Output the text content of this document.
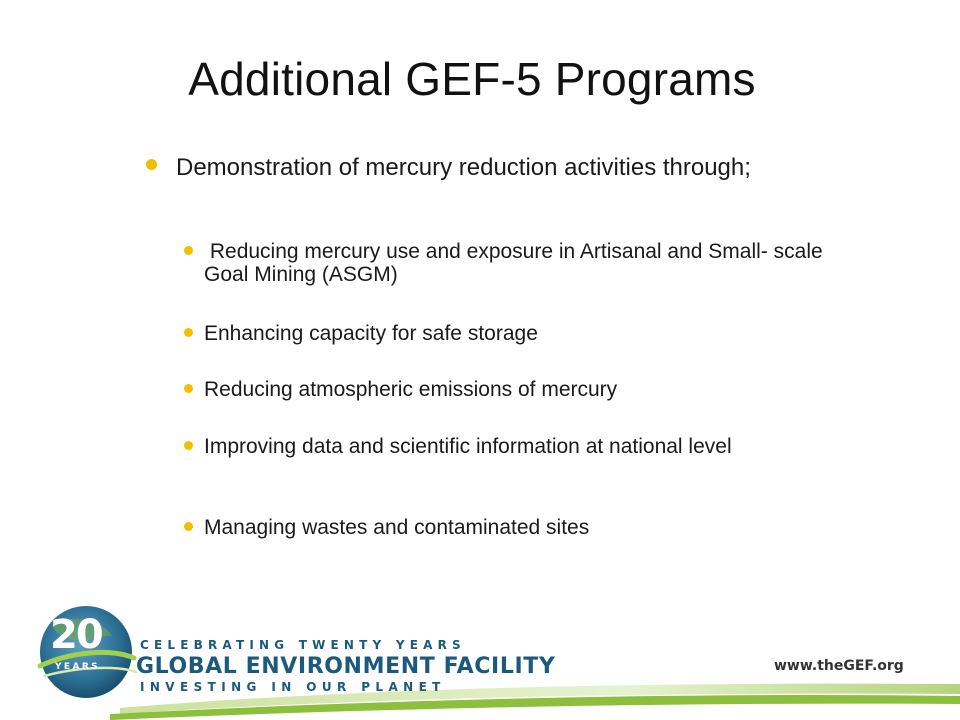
Additional GEF-5 Programs
Demonstration of mercury reduction activities through;
Reducing mercury use and exposure in Artisanal and Small- scale  Goal Mining (ASGM)
Enhancing capacity for safe storage
Reducing atmospheric emissions of mercury
Improving data and scientific information at national level
Managing wastes and contaminated sites
20
YEARS
CELEBRATING TWENTY YEARS
GLOBAL ENVIRONMENT FACILITY
INVESTING IN OUR PLANET
www.theGEF.org
